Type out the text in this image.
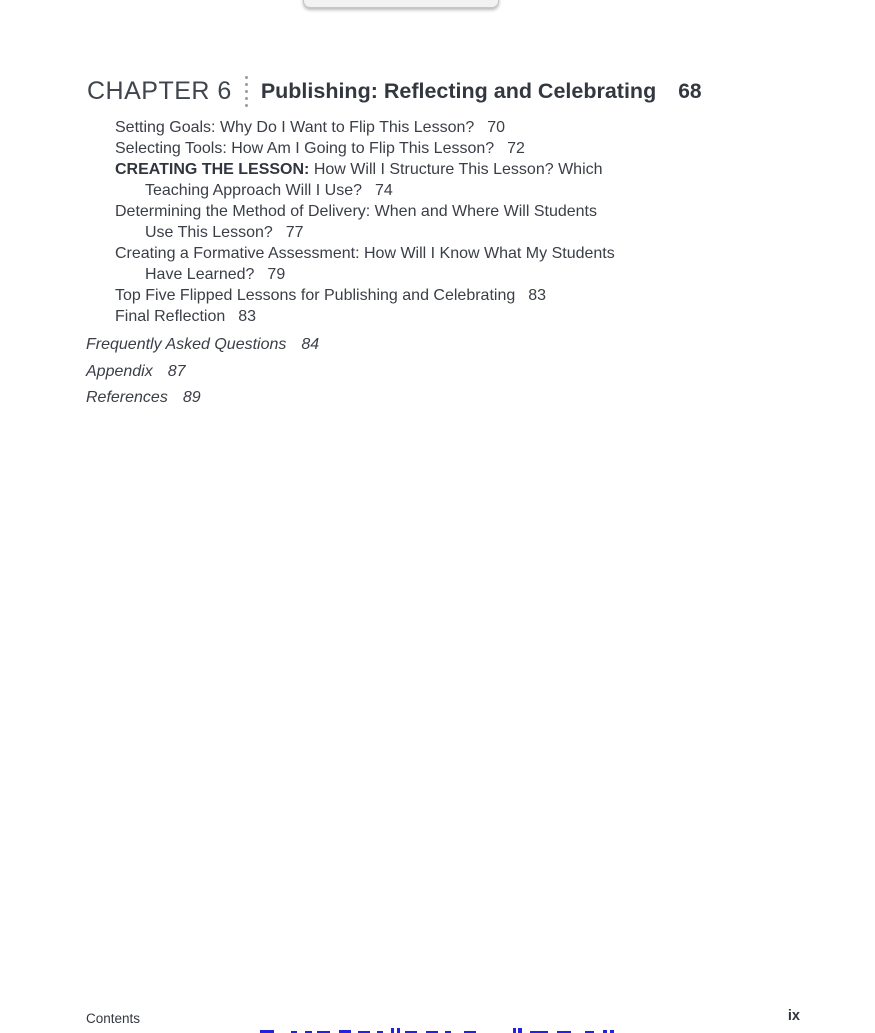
CHAPTER 6 Publishing: Reflecting and Celebrating 68
Setting Goals: Why Do I Want to Flip This Lesson? 70
Selecting Tools: How Am I Going to Flip This Lesson? 72
CREATING THE LESSON: How Will I Structure This Lesson? Which
Teaching Approach Will I Use? 74
Determining the Method of Delivery: When and Where Will Students
Use This Lesson? 77
Creating a Formative Assessment: How Will I Know What My Students
Have Learned? 79
Top Five Flipped Lessons for Publishing and Celebrating 83
Final Reflection 83
Frequently Asked Questions 84
Appendix 87
References 89
Contents	ix
